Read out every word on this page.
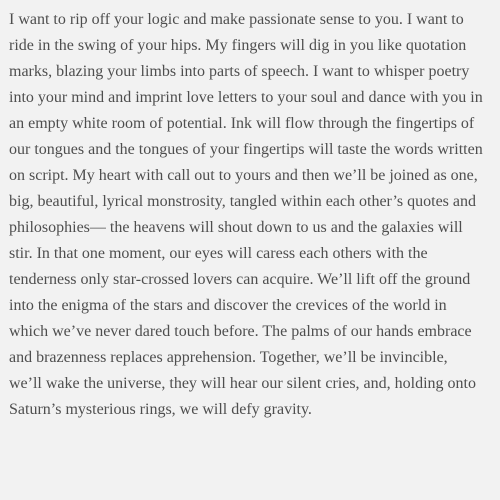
I want to rip off your logic and make passionate sense to you. I want to
ride in the swing of your hips. My fingers will dig in you like quotation
marks, blazing your limbs into parts of speech. I want to whisper poetry
into your mind and imprint love letters to your soul and dance with you in
an empty white room of potential. Ink will flow through the fingertips of
our tongues and the tongues of your fingertips will taste the words written
on script. My heart with call out to yours and then we’ll be joined as one,
big, beautiful, lyrical monstrosity, tangled within each other’s quotes and
philosophies— the heavens will shout down to us and the galaxies will
stir. In that one moment, our eyes will caress each others with the
tenderness only star-crossed lovers can acquire. We’ll lift off the ground
into the enigma of the stars and discover the crevices of the world in
which we’ve never dared touch before. The palms of our hands embrace
and brazenness replaces apprehension. Together, we’ll be invincible,
we’ll wake the universe, they will hear our silent cries, and, holding onto
Saturn’s mysterious rings, we will defy gravity.
